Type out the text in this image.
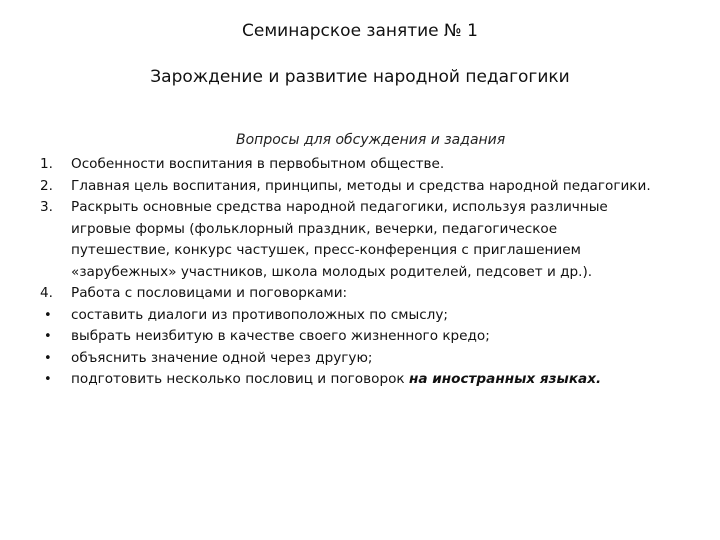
Семинарское занятие № 1
Зарождение и развитие народной педагогики
Вопросы для обсуждения и задания
1.	Особенности воспитания в первобытном обществе.
2.	Главная цель воспитания, принципы, методы и средства народной педагогики.
3.	Раскрыть основные средства народной педагогики, используя различные игровые формы (фольклорный праздник, вечерки, педагогическое путешествие, конкурс частушек, пресс-конференция с приглашением «зарубежных» участников, школа молодых родителей, педсовет и др.).
4.	Работа с пословицами и поговорками:
•	составить диалоги из противоположных по смыслу;
•	выбрать неизбитую в качестве своего жизненного кредо;
•	объяснить значение одной через другую;
•	подготовить несколько пословиц и поговорок на иностранных языках.
